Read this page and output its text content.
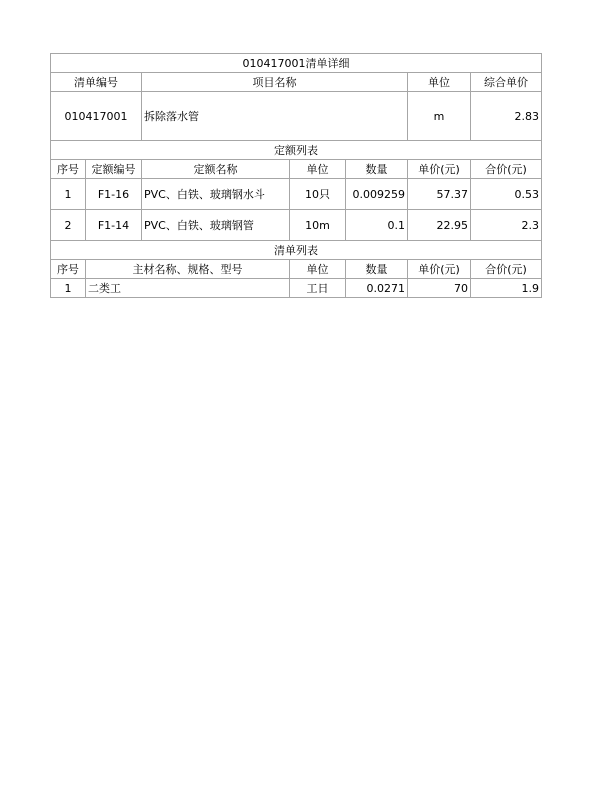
010417001清单详细						
清单编号		项目名称			单位	综合单价
010417001		拆除落水管			m	2.83
定额列表						
序号	定额编号	定额名称	单位	数量	单价(元)	合价(元)
1	F1-16	PVC、白铁、玻璃钢水斗	10只	0.009259	57.37	0.53
2	F1-14	PVC、白铁、玻璃钢管	10m	0.1	22.95	2.3
清单列表						
序号	主材名称、规格、型号		单位	数量	单价(元)	合价(元)
1	二类工		工日	0.0271	70	1.9
